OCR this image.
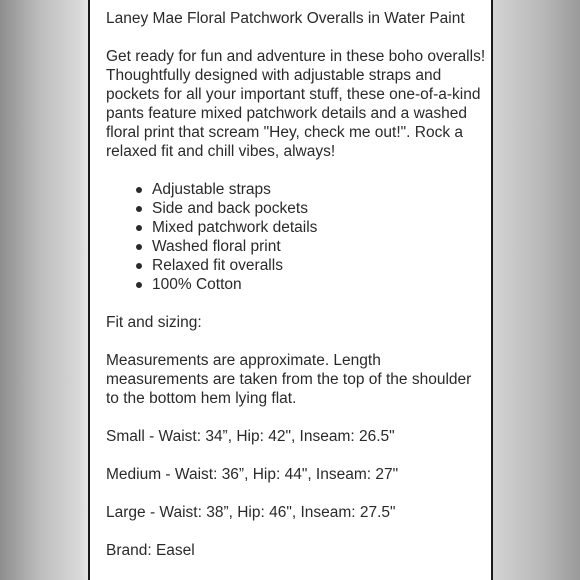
Laney Mae Floral Patchwork Overalls in Water Paint

Get ready for fun and adventure in these boho overalls! Thoughtfully designed with adjustable straps and pockets for all your important stuff, these one-of-a-kind pants feature mixed patchwork details and a washed floral print that scream "Hey, check me out!". Rock a relaxed fit and chill vibes, always!

Adjustable straps
Side and back pockets
Mixed patchwork details
Washed floral print
Relaxed fit overalls
100% Cotton

Fit and sizing:

Measurements are approximate. Length measurements are taken from the top of the shoulder to the bottom hem lying flat.

Small - Waist: 34”, Hip: 42", Inseam: 26.5"

Medium - Waist: 36”, Hip: 44", Inseam: 27"

Large - Waist: 38”, Hip: 46", Inseam: 27.5"

Brand: Easel
